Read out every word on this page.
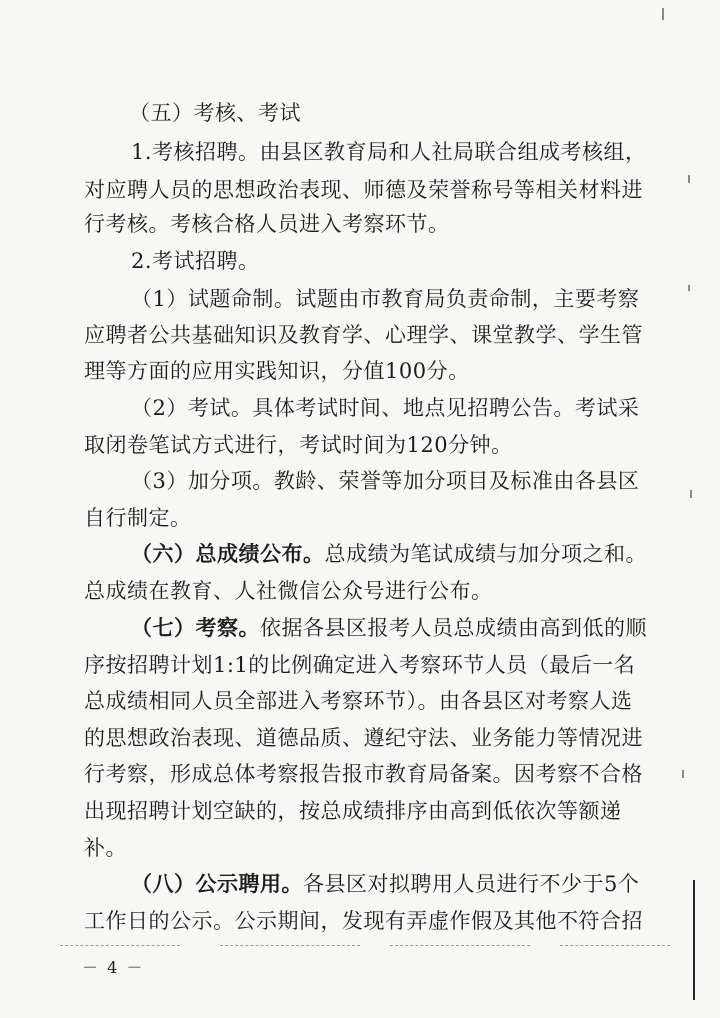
（五）考核、考试
1.考核招聘。由县区教育局和人社局联合组成考核组，
对应聘人员的思想政治表现、师德及荣誉称号等相关材料进
行考核。考核合格人员进入考察环节。
2.考试招聘。
（1）试题命制。试题由市教育局负责命制，主要考察
应聘者公共基础知识及教育学、心理学、课堂教学、学生管
理等方面的应用实践知识，分值100分。
（2）考试。具体考试时间、地点见招聘公告。考试采
取闭卷笔试方式进行，考试时间为120分钟。
（3）加分项。教龄、荣誉等加分项目及标准由各县区
自行制定。
（六）总成绩公布。总成绩为笔试成绩与加分项之和。
总成绩在教育、人社微信公众号进行公布。
（七）考察。依据各县区报考人员总成绩由高到低的顺
序按招聘计划1:1的比例确定进入考察环节人员（最后一名
总成绩相同人员全部进入考察环节）。由各县区对考察人选
的思想政治表现、道德品质、遵纪守法、业务能力等情况进
行考察，形成总体考察报告报市教育局备案。因考察不合格
出现招聘计划空缺的，按总成绩排序由高到低依次等额递
补。
（八）公示聘用。各县区对拟聘用人员进行不少于5个
工作日的公示。公示期间，发现有弄虚作假及其他不符合招
－ 4 －
